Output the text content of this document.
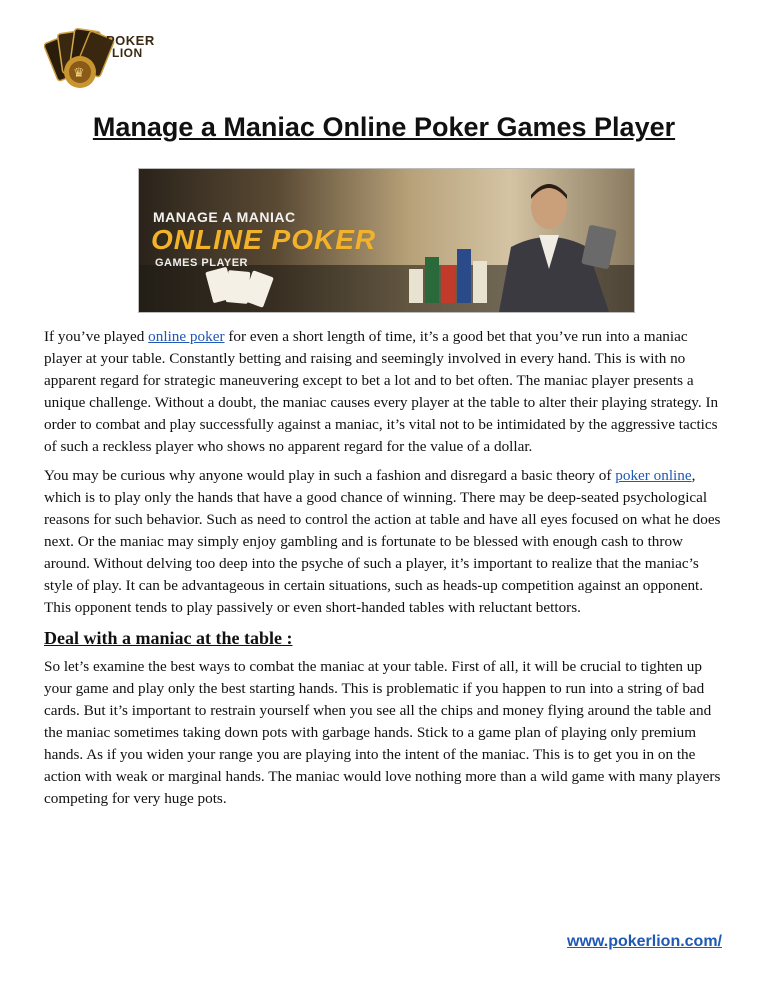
♛
POKER
LION
Manage a Maniac Online Poker Games Player
MANAGE A MANIAC
ONLINE POKER
GAMES PLAYER

If you’ve played online poker for even a short length of time, it’s a good bet that you’ve run into a maniac player at your table. Constantly betting and raising and seemingly involved in every hand. This is with no apparent regard for strategic maneuvering except to bet a lot and to bet often. The maniac player presents a unique challenge. Without a doubt, the maniac causes every player at the table to alter their playing strategy. In order to combat and play successfully against a maniac, it’s vital not to be intimidated by the aggressive tactics of such a reckless player who shows no apparent regard for the value of a dollar.

You may be curious why anyone would play in such a fashion and disregard a basic theory of poker online, which is to play only the hands that have a good chance of winning. There may be deep-seated psychological reasons for such behavior. Such as need to control the action at table and have all eyes focused on what he does next. Or the maniac may simply enjoy gambling and is fortunate to be blessed with enough cash to throw around. Without delving too deep into the psyche of such a player, it’s important to realize that the maniac’s style of play. It can be advantageous in certain situations, such as heads-up competition against an opponent. This opponent tends to play passively or even short-handed tables with reluctant bettors.

Deal with a maniac at the table :

So let’s examine the best ways to combat the maniac at your table. First of all, it will be crucial to tighten up your game and play only the best starting hands. This is problematic if you happen to run into a string of bad cards. But it’s important to restrain yourself when you see all the chips and money flying around the table and the maniac sometimes taking down pots with garbage hands. Stick to a game plan of playing only premium hands. As if you widen your range you are playing into the intent of the maniac. This is to get you in on the action with weak or marginal hands. The maniac would love nothing more than a wild game with many players competing for very huge pots.

www.pokerlion.com/
